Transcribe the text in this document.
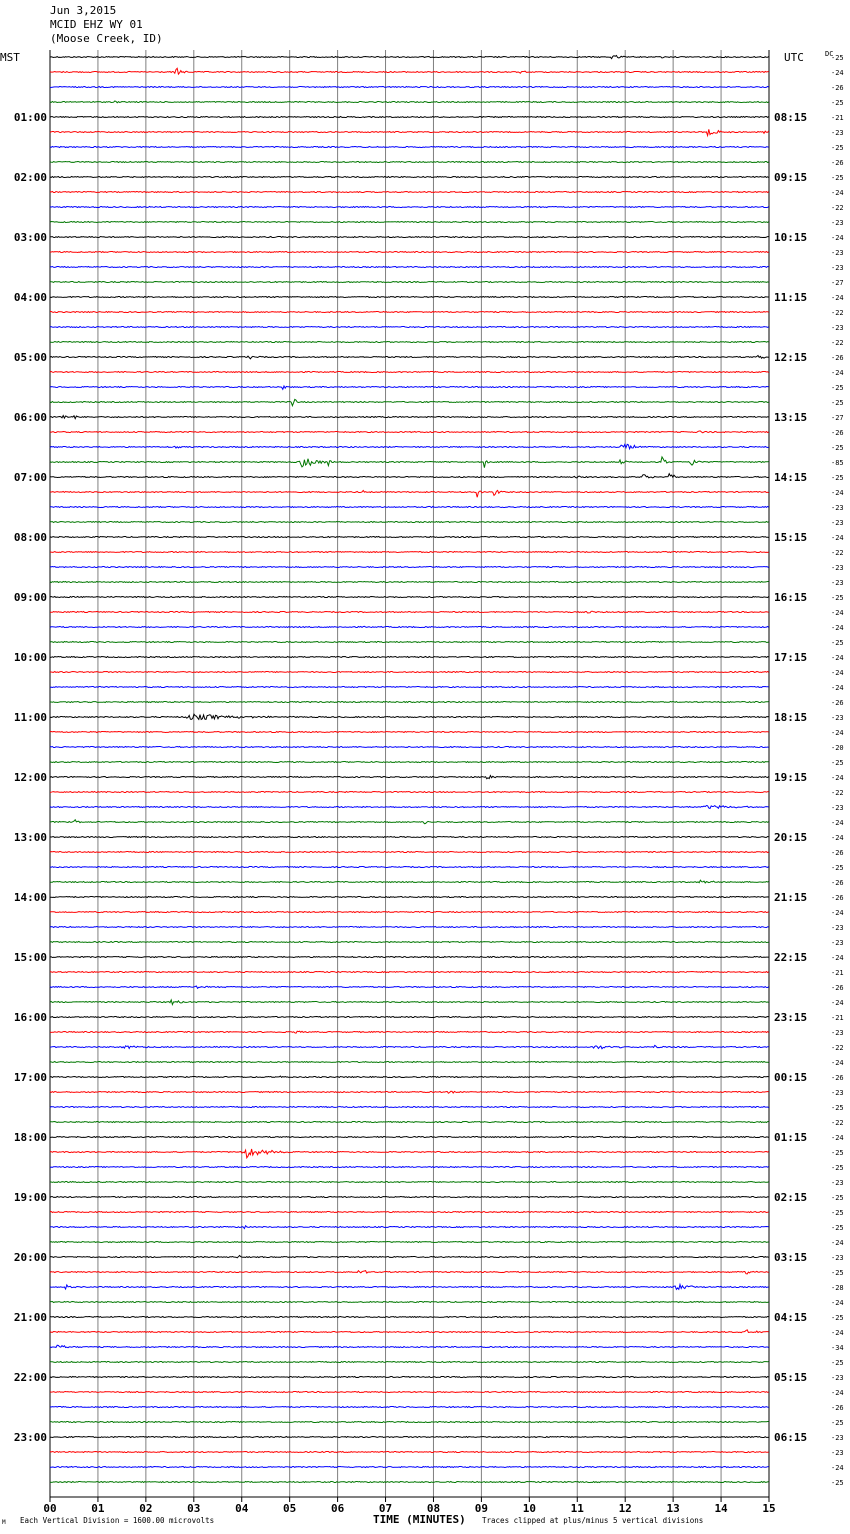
Jun 3,2015
MCID EHZ WY 01
(Moose Creek, ID)
00	01	02	03	04	05	06	07	08	09	10	11	12	13	14	15
-25
-24
-26
-25
-21
-23
-25
-26
-25
-24
-22
-23
-24
-23
-23
-27
-24
-22
-23
-22
-26
-24
-25
-25
-27
-26
-25
-85
-25
-24
-23
-23
-24
-22
-23
-23
-25
-24
-24
-25
-24
-24
-24
-26
-23
-24
-20
-25
-24
-22
-23
-24
-24
-26
-25
-26
-26
-24
-23
-23
-24
-21
-26
-24
-21
-23
-22
-24
-26
-23
-25
-22
-24
-25
-25
-23
-25
-25
-25
-24
-23
-25
-28
-24
-25
-24
-34
-25
-23
-24
-26
-25
-23
-23
-24
-25
01:00
02:00
03:00
04:00
05:00
06:00
07:00
08:00
09:00
10:00
11:00
12:00
13:00
14:00
15:00
16:00
17:00
18:00
19:00
20:00
21:00
22:00
23:00
08:15
09:15
10:15
11:15
12:15
13:15
14:15
15:15
16:15
17:15
18:15
19:15
20:15
21:15
22:15
23:15
00:15
01:15
02:15
03:15
04:15
05:15
06:15
MST	UTC	DC
TIME (MINUTES)
Each Vertical Division = 1600.00 microvolts	Traces clipped at plus/minus 5 vertical divisions
M
